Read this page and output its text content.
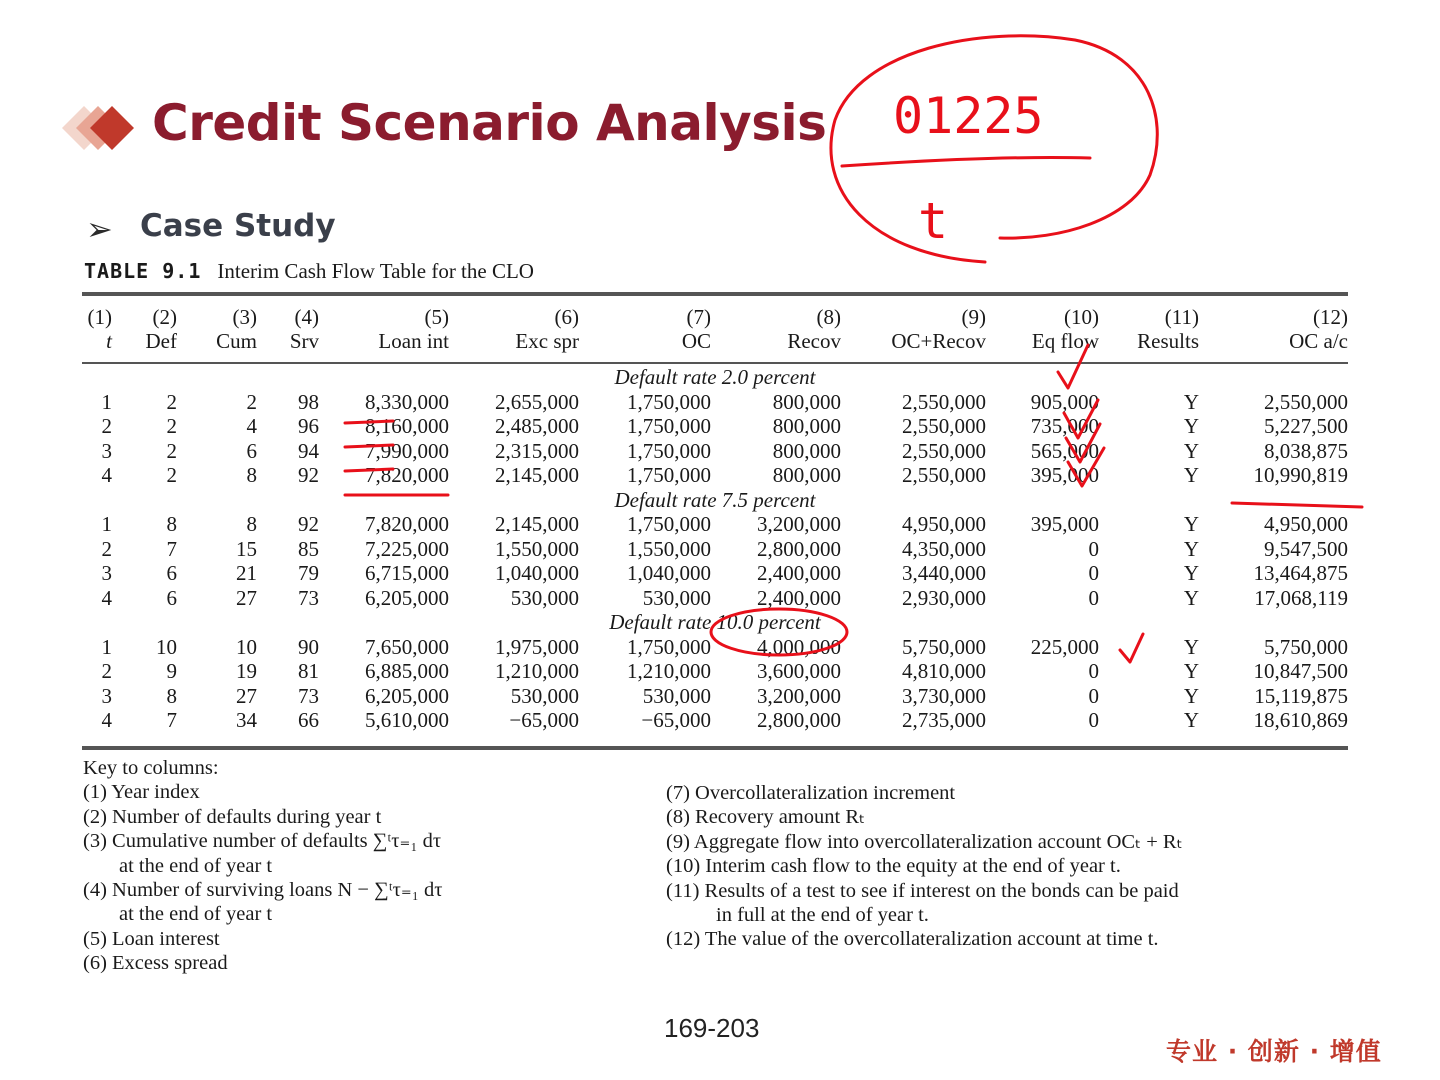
Credit Scenario Analysis
➢ Case Study
TABLE 9.1 Interim Cash Flow Table for the CLO
(1)	(2)	(3)	(4)	(5)	(6)	(7)	(8)	(9)	(10)	(11)	(12)
t	Def	Cum	Srv	Loan int	Exc spr	OC	Recov	OC+Recov	Eq flow	Results	OC a/c

Default rate 2.0 percent											
1	2	2	98	8,330,000	2,655,000	1,750,000	800,000	2,550,000	905,000	Y	2,550,000
2	2	4	96	8,160,000	2,485,000	1,750,000	800,000	2,550,000	735,000	Y	5,227,500
3	2	6	94	7,990,000	2,315,000	1,750,000	800,000	2,550,000	565,000	Y	8,038,875
4	2	8	92	7,820,000	2,145,000	1,750,000	800,000	2,550,000	395,000	Y	10,990,819
Default rate 7.5 percent											
1	8	8	92	7,820,000	2,145,000	1,750,000	3,200,000	4,950,000	395,000	Y	4,950,000
2	7	15	85	7,225,000	1,550,000	1,550,000	2,800,000	4,350,000	0	Y	9,547,500
3	6	21	79	6,715,000	1,040,000	1,040,000	2,400,000	3,440,000	0	Y	13,464,875
4	6	27	73	6,205,000	530,000	530,000	2,400,000	2,930,000	0	Y	17,068,119
Default rate 10.0 percent											
1	10	10	90	7,650,000	1,975,000	1,750,000	4,000,000	5,750,000	225,000	Y	5,750,000
2	9	19	81	6,885,000	1,210,000	1,210,000	3,600,000	4,810,000	0	Y	10,847,500
3	8	27	73	6,205,000	530,000	530,000	3,200,000	3,730,000	0	Y	15,119,875
4	7	34	66	5,610,000	−65,000	−65,000	2,800,000	2,735,000	0	Y	18,610,869
Key to columns:
(1) Year index
(2) Number of defaults during year t
(3) Cumulative number of defaults ∑ᵗτ₌₁ dτ
at the end of year t
(4) Number of surviving loans N − ∑ᵗτ₌₁ dτ
at the end of year t
(5) Loan interest
(6) Excess spread
(7) Overcollateralization increment
(8) Recovery amount Rₜ
(9) Aggregate flow into overcollateralization account OCₜ + Rₜ
(10) Interim cash flow to the equity at the end of year t.
(11) Results of a test to see if interest on the bonds can be paid
in full at the end of year t.
(12) The value of the overcollateralization account at time t.
169-203
专业 · 创新 · 增值
01225
t
